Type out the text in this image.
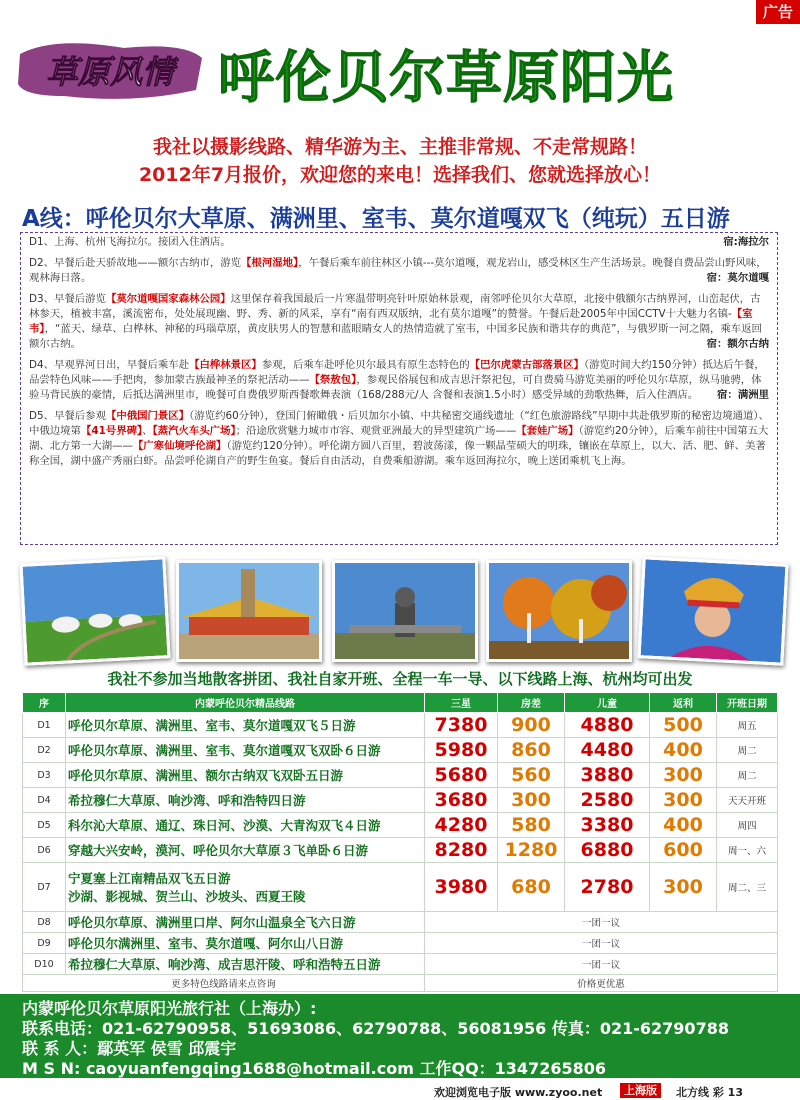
广告
草原风情 呼伦贝尔草原阳光
我社以摄影线路、精华游为主、主推非常规、不走常规路！
2012年7月报价，欢迎您的来电！选择我们、您就选择放心！
A线：呼伦贝尔大草原、满洲里、室韦、莫尔道嘎双飞（纯玩）五日游
宿:海拉尔
D1、上海、杭州飞海拉尔。接团入住酒店。
D2、早餐后赴天骄故地——额尔古纳市，游览【根河湿地】，午餐后乘车前往林区小镇---莫尔道嘎，观龙岩山，感受林区生产生活场景。晚餐自费品尝山野风味，观林海日落。	宿：莫尔道嘎
D3、早餐后游览【莫尔道嘎国家森林公园】这里保存着我国最后一片寒温带明亮针叶原始林景观，南邻呼伦贝尔大草原，北接中俄额尔古纳界河，山峦起伏，古林参天，植被丰富，溪流密布，处处展现幽、野、秀、新的风采，享有“南有西双版纳，北有莫尔道嘎”的赞誉。午餐后赴2005年中国CCTV十大魅力名镇-【室韦】，“蓝天、绿草、白桦林、神秘的玛瑙草原，黄皮肤男人的智慧和蓝眼睛女人的热情造就了室韦，中国多民族和谐共存的典范”，与俄罗斯一河之隔，乘车返回额尔古纳。	宿：额尔古纳
D4、早观界河日出，早餐后乘车赴【白桦林景区】参观，后乘车赴呼伦贝尔最具有原生态特色的【巴尔虎蒙古部落景区】（游览时间大约150分钟）抵达后午餐，品尝特色风味——手把肉，参加蒙古族最神圣的祭祀活动——【祭敖包】，参观民俗展包和成吉思汗祭祀包，可自费骑马游览美丽的呼伦贝尔草原，纵马驰骋，体验马背民族的豪情，后抵达满洲里市，晚餐可自费俄罗斯西餐歌舞表演（168/288元/人 含餐和表演1.5小时）感受异域的劲歌热舞，后入住酒店。 宿：满洲里
D5、早餐后参观【中俄国门景区】（游览约60分钟），登国门俯瞰俄・后贝加尔小镇、中共秘密交通线遗址（“红色旅游路线”早期中共赴俄罗斯的秘密边境通道）、中俄边境第【41号界碑】、【蒸汽火车头广场】；沿途欣赏魅力城市市容、观赏亚洲最大的异型建筑广场——【套娃广场】（游览约20分钟），后乘车前往中国第五大湖、北方第一大湖——【广寒仙境呼伦湖】（游览约120分钟）。呼伦湖方圆八百里，碧波荡漾，像一颗晶莹硕大的明珠，镶嵌在草原上，以大、活、肥、鲜、美著称全国，湖中盛产秀丽白虾。品尝呼伦湖自产的野生鱼宴。餐后自由活动，自费乘船游湖。乘车返回海拉尔，晚上送团乘机飞上海。
我社不参加当地散客拼团、我社自家开班、全程一车一导、以下线路上海、杭州均可出发
序	内蒙呼伦贝尔精品线路	三星	房差	儿童	返利	开班日期
D1	呼伦贝尔草原、满洲里、室韦、莫尔道嘎双飞５日游	7380	900	4880	500	周五
D2	呼伦贝尔草原、满洲里、室韦、莫尔道嘎双飞双卧６日游	5980	860	4480	400	周二
D3	呼伦贝尔草原、满洲里、额尔古纳双飞双卧五日游	5680	560	3880	300	周二
D4	希拉穆仁大草原、响沙湾、呼和浩特四日游	3680	300	2580	300	天天开班
D5	科尔沁大草原、通辽、珠日河、沙漠、大青沟双飞４日游	4280	580	3380	400	周四
D6	穿越大兴安岭，漠河、呼伦贝尔大草原３飞单卧６日游	8280	1280	6880	600	周一、六
D7	宁夏塞上江南精品双飞五日游
沙湖、影视城、贺兰山、沙坡头、西夏王陵	3980	680	2780	300	周二、三
D8	呼伦贝尔草原、满洲里口岸、阿尔山温泉全飞六日游	一团一议				
D9	呼伦贝尔满洲里、室韦、莫尔道嘎、阿尔山八日游	一团一议				
D10	希拉穆仁大草原、响沙湾、成吉思汗陵、呼和浩特五日游	一团一议				
更多特色线路请来点咨询		价格更优惠				
内蒙呼伦贝尔草原阳光旅行社（上海办）:
联系电话：021-62790958、51693086、62790788、56081956 传真：021-62790788
联 系 人：鄢英军 侯雪 邱震宇
M S N: caoyuanfengqing1688@hotmail.com 工作QQ：1347265806
欢迎浏览电子版 www.zyoo.net	上海版	北方线 彩 13
